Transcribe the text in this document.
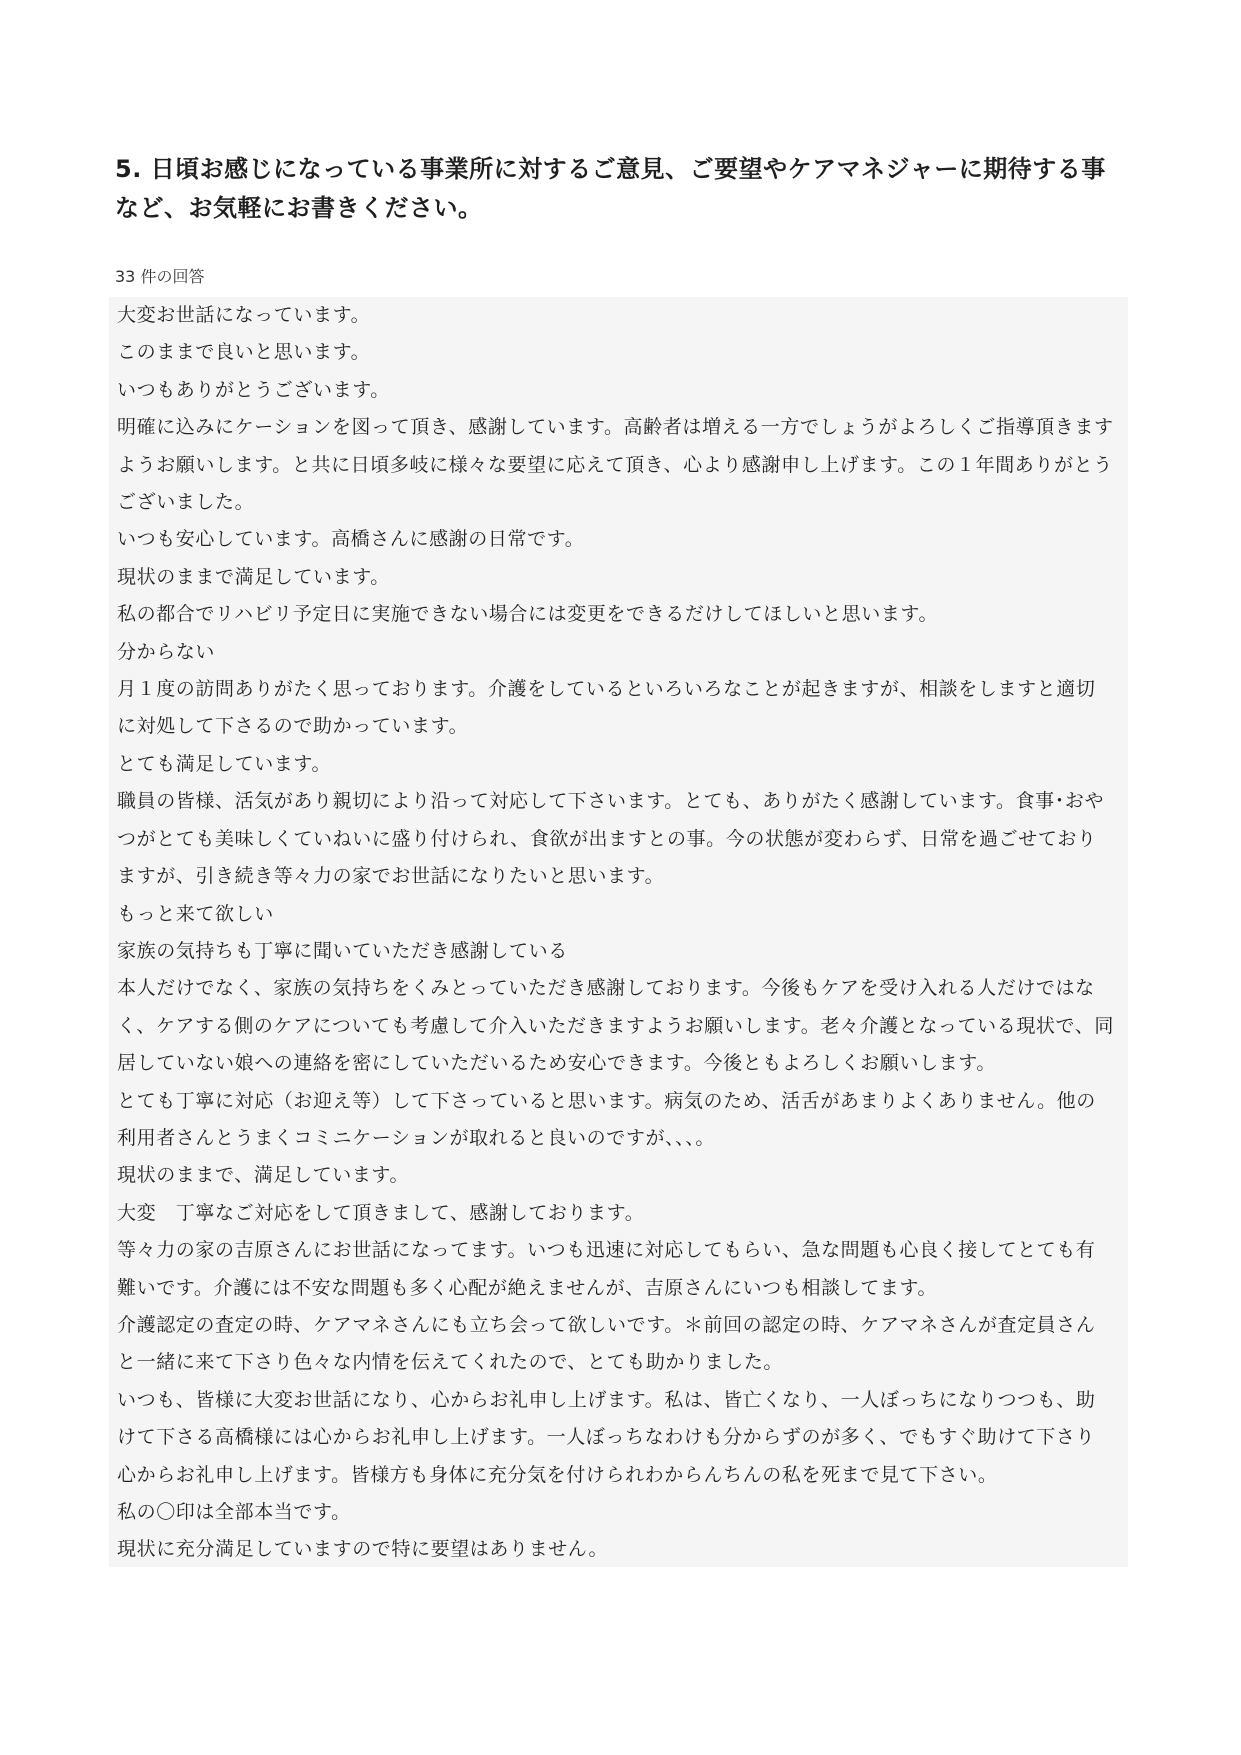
5. 日頃お感じになっている事業所に対するご意見、ご要望やケアマネジャーに期待する事など、お気軽にお書きください。
33 件の回答
大変お世話になっています。
このままで良いと思います。
いつもありがとうございます。
明確に込みにケーションを図って頂き、感謝しています。高齢者は増える一方でしょうがよろしくご指導頂きますようお願いします。と共に日頃多岐に様々な要望に応えて頂き、心より感謝申し上げます。この１年間ありがとうございました。
いつも安心しています。高橋さんに感謝の日常です。
現状のままで満足しています。
私の都合でリハビリ予定日に実施できない場合には変更をできるだけしてほしいと思います。
分からない
月１度の訪問ありがたく思っております。介護をしているといろいろなことが起きますが、相談をしますと適切に対処して下さるので助かっています。
とても満足しています。
職員の皆様、活気があり親切により沿って対応して下さいます。とても、ありがたく感謝しています。食事･おやつがとても美味しくていねいに盛り付けられ、食欲が出ますとの事。今の状態が変わらず、日常を過ごせておりますが、引き続き等々力の家でお世話になりたいと思います。
もっと来て欲しい
家族の気持ちも丁寧に聞いていただき感謝している
本人だけでなく、家族の気持ちをくみとっていただき感謝しております。今後もケアを受け入れる人だけではなく、ケアする側のケアについても考慮して介入いただきますようお願いします。老々介護となっている現状で、同居していない娘への連絡を密にしていただいるため安心できます。今後ともよろしくお願いします。
とても丁寧に対応（お迎え等）して下さっていると思います。病気のため、活舌があまりよくありません。他の利用者さんとうまくコミニケーションが取れると良いのですが、、、。
現状のままで、満足しています。
大変　丁寧なご対応をして頂きまして、感謝しております。
等々力の家の吉原さんにお世話になってます。いつも迅速に対応してもらい、急な問題も心良く接してとても有難いです。介護には不安な問題も多く心配が絶えませんが、吉原さんにいつも相談してます。
介護認定の査定の時、ケアマネさんにも立ち会って欲しいです。＊前回の認定の時、ケアマネさんが査定員さんと一緒に来て下さり色々な内情を伝えてくれたので、とても助かりました。
いつも、皆様に大変お世話になり、心からお礼申し上げます。私は、皆亡くなり、一人ぼっちになりつつも、助けて下さる高橋様には心からお礼申し上げます。一人ぼっちなわけも分からずのが多く、でもすぐ助けて下さり心からお礼申し上げます。皆様方も身体に充分気を付けられわからんちんの私を死まで見て下さい。
私の〇印は全部本当です。
現状に充分満足していますので特に要望はありません。
